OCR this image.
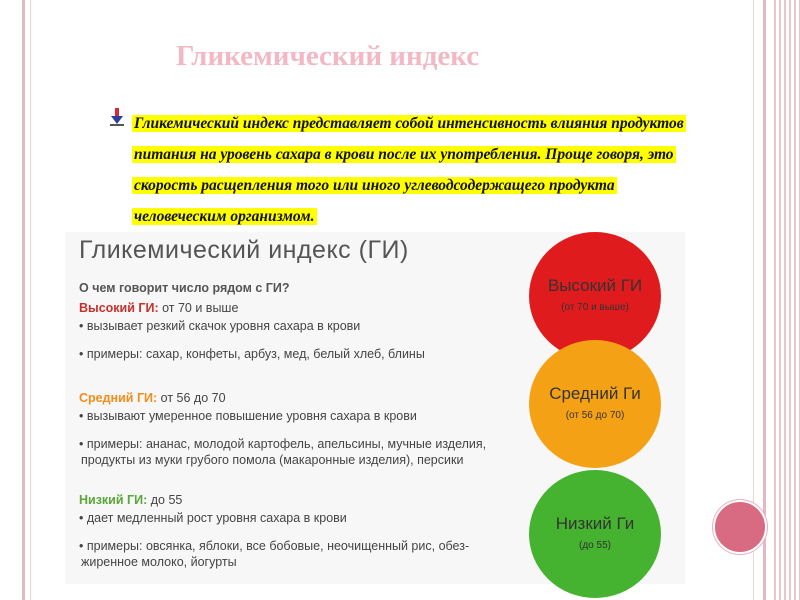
Гликемический индекс
Гликемический индекс представляет собой интенсивность влияния продуктов
питания на уровень сахара в крови после их употребления. Проще говоря, это
скорость расщепления того или иного углеводсодержащего продукта
человеческим организмом.
Гликемический индекс (ГИ)
О чем говорит число рядом с ГИ?
Высокий ГИ: от 70 и выше
• вызывает резкий скачок уровня сахара в крови
• примеры: сахар, конфеты, арбуз, мед, белый хлеб, блины
Средний ГИ: от 56 до 70
• вызывают умеренное повышение уровня сахара в крови
• примеры: ананас, молодой картофель, апельсины, мучные изделия,
продукты из муки грубого помола (макаронные изделия), персики
Низкий ГИ: до 55
• дает медленный рост уровня сахара в крови
• примеры: овсянка, яблоки, все бобовые, неочищенный рис, обез-
жиренное молоко, йогурты
Высокий ГИ
(от 70 и выше)
Средний Ги
(от 56 до 70)
Низкий Ги
(до 55)
